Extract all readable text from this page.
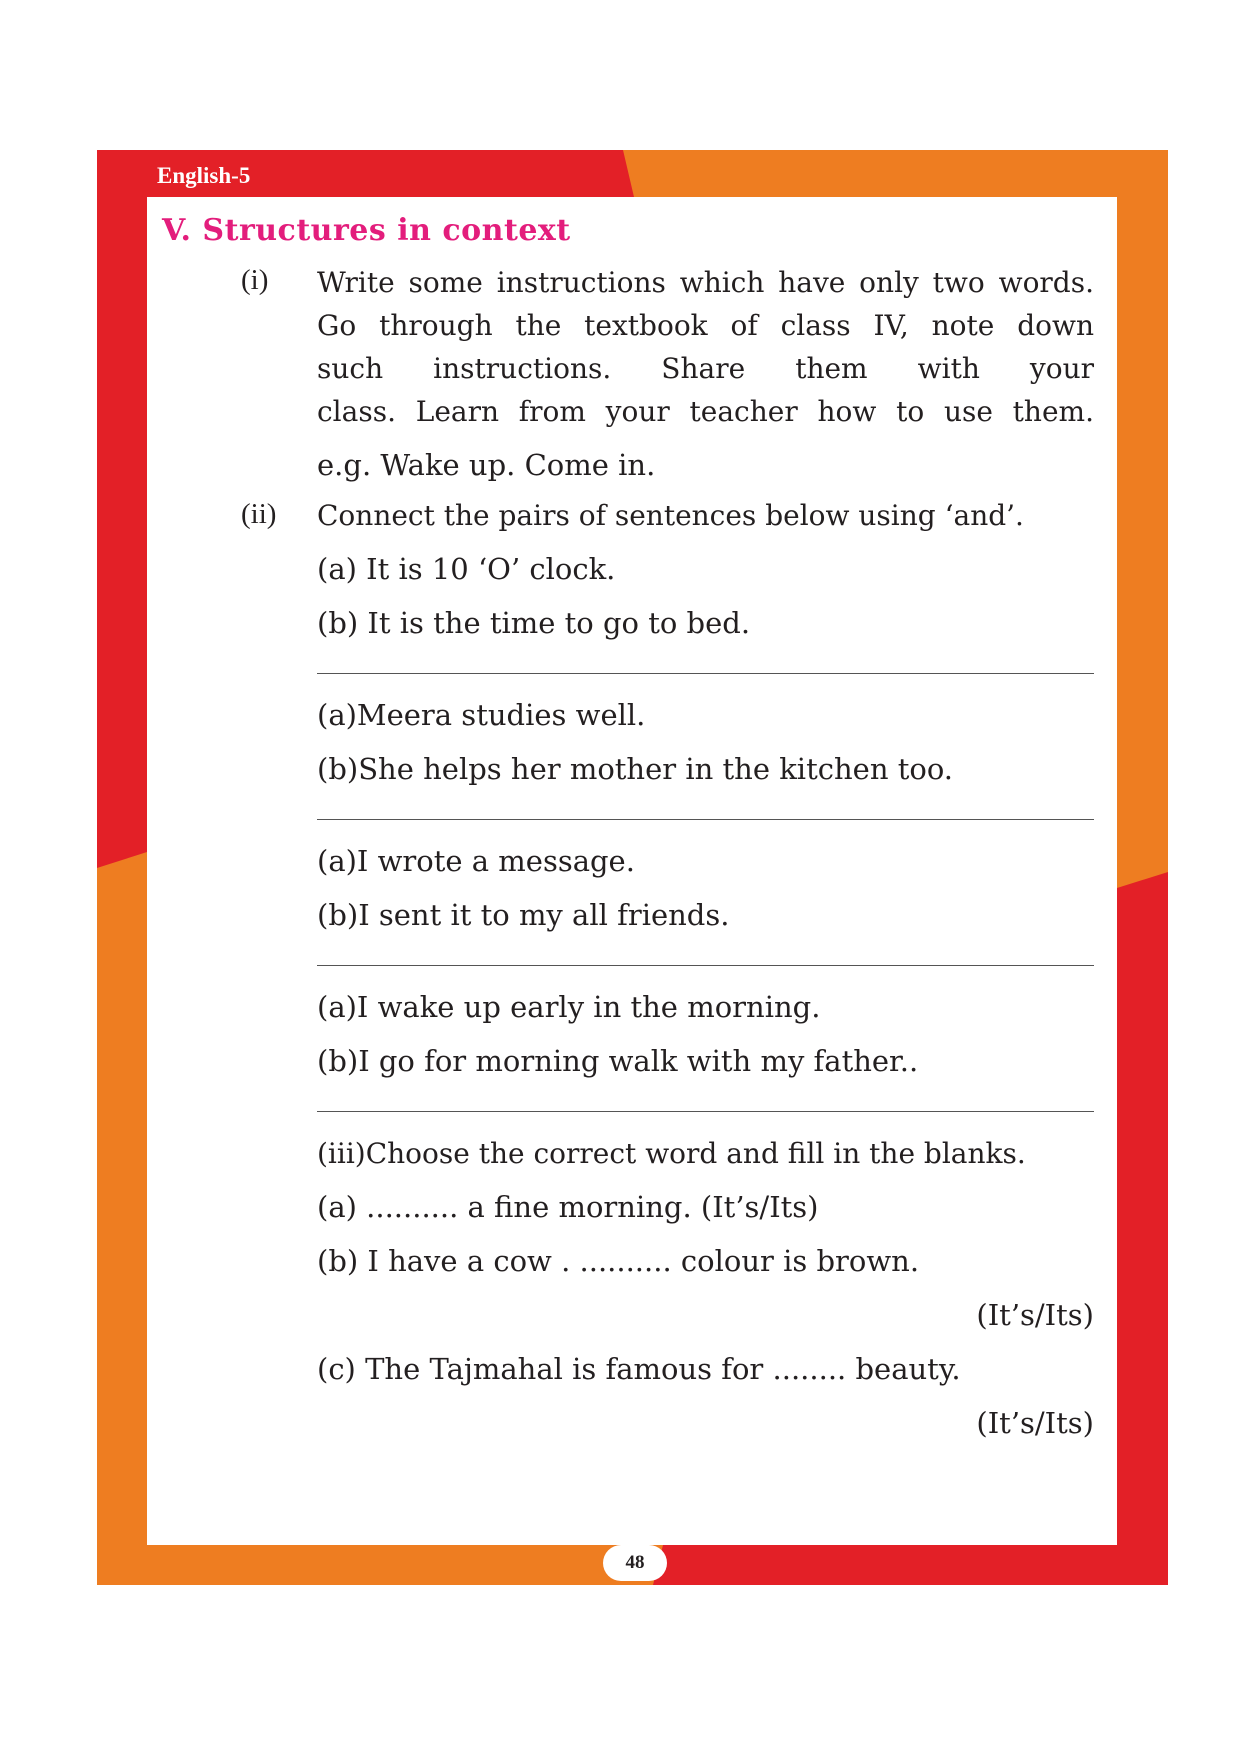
English-5
V. Structures in context
(i) Write some instructions which have only two words.
Go through the textbook of class IV, note down
such instructions. Share them with your
class. Learn from your teacher how to use them.
e.g. Wake up. Come in.
(ii) Connect the pairs of sentences below using ‘and’.
(a) It is 10 ‘O’ clock.
(b) It is the time to go to bed.
(a)Meera studies well.
(b)She helps her mother in the kitchen too.
(a)I wrote a message.
(b)I sent it to my all friends.
(a)I wake up early in the morning.
(b)I go for morning walk with my father..
(iii)Choose the correct word and fill in the blanks.
(a) .......... a fine morning. (It’s/Its)
(b) I have a cow . .......... colour is brown.
(It’s/Its)
(c) The Tajmahal is famous for ........ beauty.
(It’s/Its)
48
